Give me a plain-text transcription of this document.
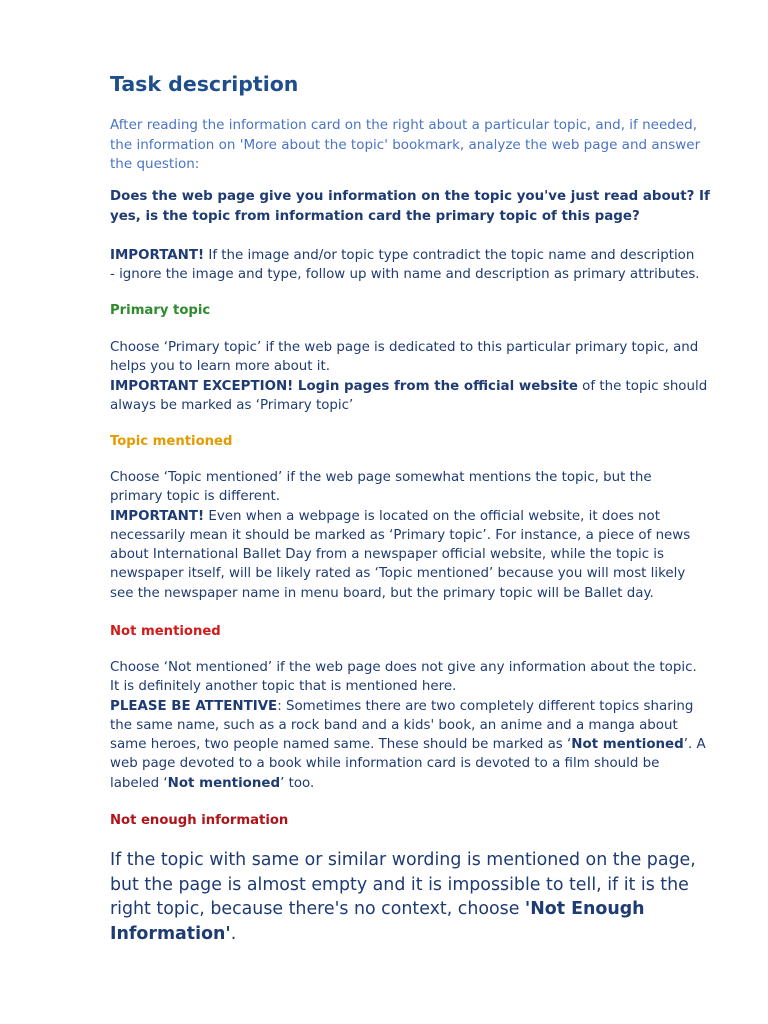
Task description

After reading the information card on the right about a particular topic, and, if needed,
the information on 'More about the topic' bookmark, analyze the web page and answer
the question:

Does the web page give you information on the topic you've just read about? If
yes, is the topic from information card the primary topic of this page?

IMPORTANT! If the image and/or topic type contradict the topic name and description
- ignore the image and type, follow up with name and description as primary attributes.

Primary topic

Choose ‘Primary topic’ if the web page is dedicated to this particular primary topic, and
helps you to learn more about it.
IMPORTANT EXCEPTION! Login pages from the official website of the topic should
always be marked as ‘Primary topic’

Topic mentioned

Choose ‘Topic mentioned’ if the web page somewhat mentions the topic, but the
primary topic is different.
IMPORTANT! Even when a webpage is located on the official website, it does not
necessarily mean it should be marked as ‘Primary topic’. For instance, a piece of news
about International Ballet Day from a newspaper official website, while the topic is
newspaper itself, will be likely rated as ‘Topic mentioned’ because you will most likely
see the newspaper name in menu board, but the primary topic will be Ballet day.

Not mentioned

Choose ‘Not mentioned’ if the web page does not give any information about the topic.
It is definitely another topic that is mentioned here.
PLEASE BE ATTENTIVE: Sometimes there are two completely different topics sharing
the same name, such as a rock band and a kids' book, an anime and a manga about
same heroes, two people named same. These should be marked as ‘Not mentioned’. A
web page devoted to a book while information card is devoted to a film should be
labeled ‘Not mentioned’ too.

Not enough information

If the topic with same or similar wording is mentioned on the page,
but the page is almost empty and it is impossible to tell, if it is the
right topic, because there's no context, choose 'Not Enough
Information'.
